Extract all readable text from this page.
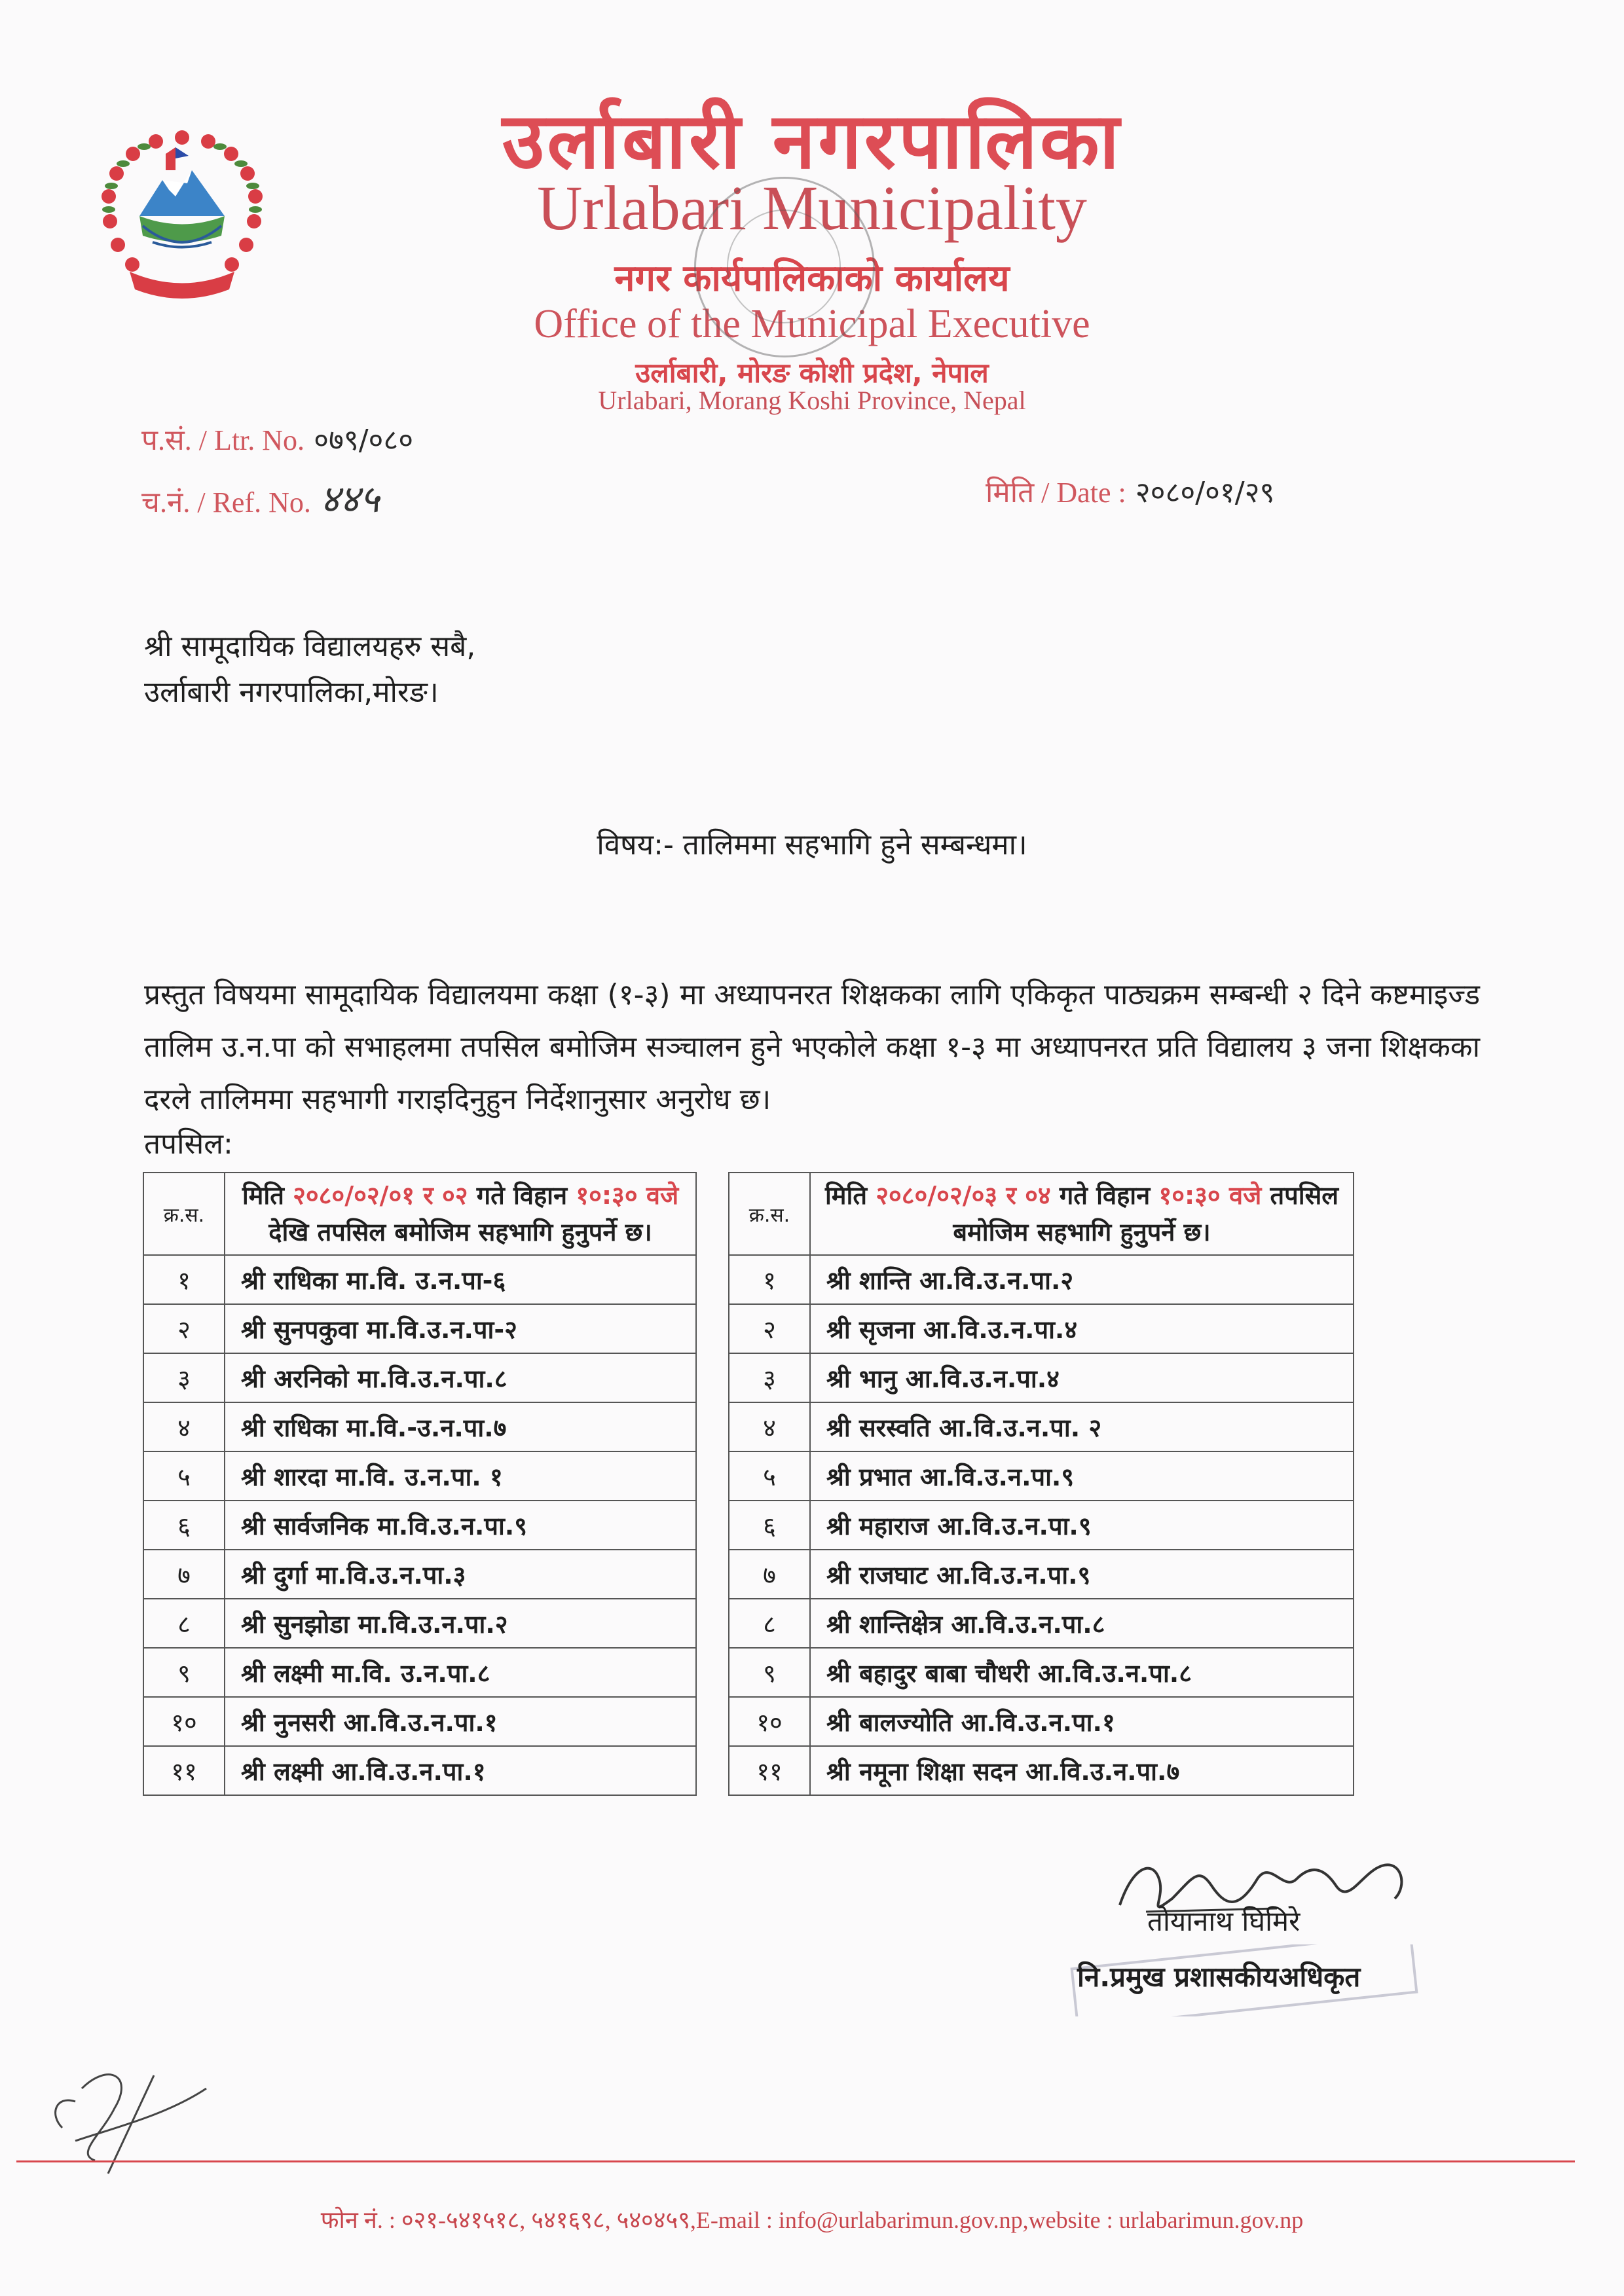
उर्लाबारी नगरपालिका
Urlabari Municipality
नगर कार्यपालिकाको कार्यालय
Office of the Municipal Executive
उर्लाबारी, मोरङ कोशी प्रदेश, नेपाल
Urlabari, Morang Koshi Province, Nepal
प.सं. / Ltr. No. ०७९/०८०
च.नं. / Ref. No. ४४५	मिति / Date : २०८०/०१/२९
श्री सामूदायिक विद्यालयहरु सबै,
उर्लाबारी नगरपालिका,मोरङ।
विषय:- तालिममा सहभागि हुने सम्बन्धमा।
प्रस्तुत विषयमा सामूदायिक विद्यालयमा कक्षा (१-३) मा अध्यापनरत शिक्षकका लागि एकिकृत पाठ्यक्रम सम्बन्धी २ दिने कष्टमाइज्ड तालिम उ.न.पा को सभाहलमा तपसिल बमोजिम सञ्चालन हुने भएकोले कक्षा १-३ मा अध्यापनरत प्रति विद्यालय ३ जना शिक्षकका दरले तालिममा सहभागी गराइदिनुहुन निर्देशानुसार अनुरोध छ।
तपसिल:
क्र.स.	मिति २०८०/०२/०१ र ०२ गते विहान १०:३० वजे देखि तपसिल बमोजिम सहभागि हुनुपर्ने छ।
१	श्री राधिका मा.वि. उ.न.पा-६
२	श्री सुनपकुवा मा.वि.उ.न.पा-२
३	श्री अरनिको मा.वि.उ.न.पा.८
४	श्री राधिका मा.वि.-उ.न.पा.७
५	श्री शारदा मा.वि. उ.न.पा. १
६	श्री सार्वजनिक मा.वि.उ.न.पा.९
७	श्री दुर्गा मा.वि.उ.न.पा.३
८	श्री सुनझोडा मा.वि.उ.न.पा.२
९	श्री लक्ष्मी मा.वि. उ.न.पा.८
१०	श्री नुनसरी आ.वि.उ.न.पा.१
११	श्री लक्ष्मी आ.वि.उ.न.पा.१
क्र.स.	मिति २०८०/०२/०३ र ०४ गते विहान १०:३० वजे तपसिल बमोजिम सहभागि हुनुपर्ने छ।
१	श्री शान्ति आ.वि.उ.न.पा.२
२	श्री सृजना आ.वि.उ.न.पा.४
३	श्री भानु आ.वि.उ.न.पा.४
४	श्री सरस्वति आ.वि.उ.न.पा. २
५	श्री प्रभात आ.वि.उ.न.पा.९
६	श्री महाराज आ.वि.उ.न.पा.९
७	श्री राजघाट आ.वि.उ.न.पा.९
८	श्री शान्तिक्षेत्र आ.वि.उ.न.पा.८
९	श्री बहादुर बाबा चौधरी आ.वि.उ.न.पा.८
१०	श्री बालज्योति आ.वि.उ.न.पा.१
११	श्री नमूना शिक्षा सदन आ.वि.उ.न.पा.७
तोयानाथ घिमिरे
नि.प्रमुख प्रशासकीयअधिकृत
फोन नं. : ०२१-५४१५१८, ५४१६९८, ५४०४५९,E-mail : info@urlabarimun.gov.np,website : urlabarimun.gov.np
